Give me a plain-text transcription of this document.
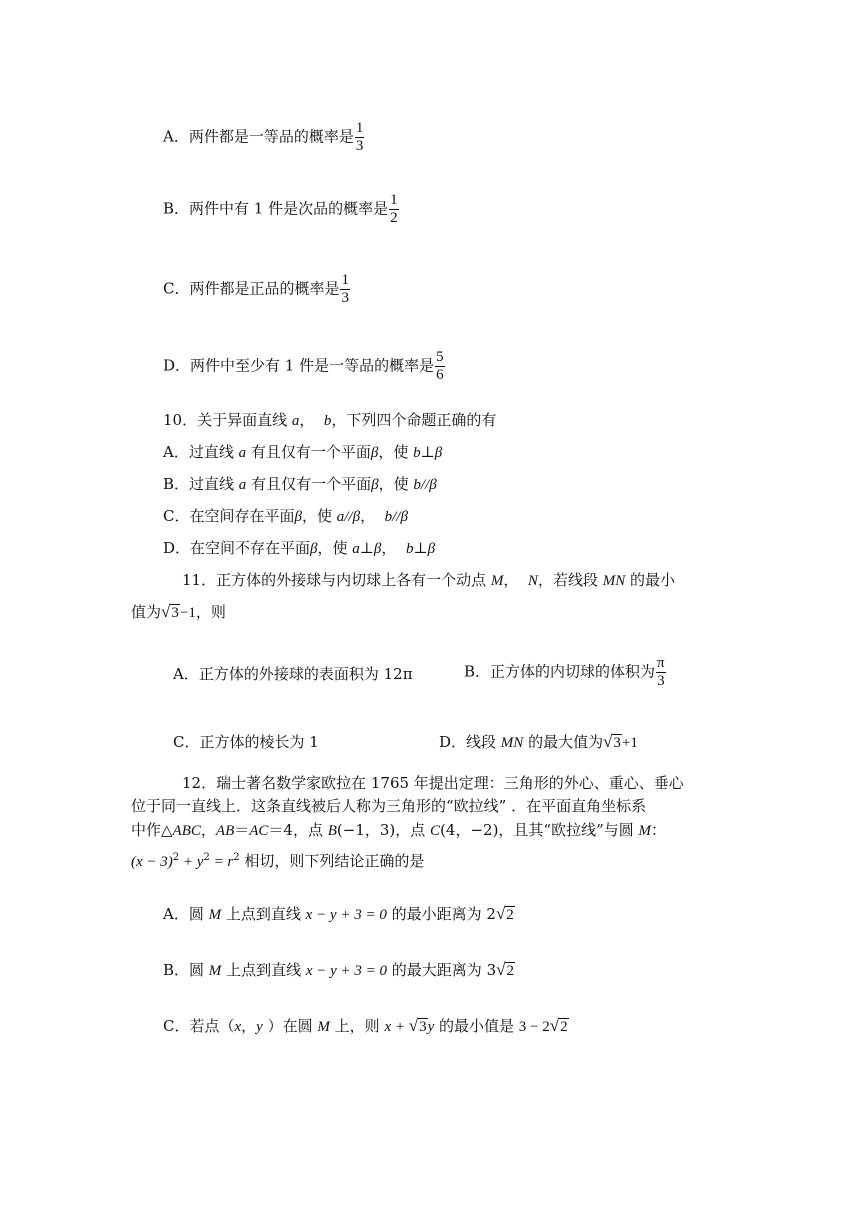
A．两件都是一等品的概率是 $\frac{1}{3}$
B．两件中有 1 件是次品的概率是 $\frac{1}{2}$
C．两件都是正品的概率是 $\frac{1}{3}$
D．两件中至少有 1 件是一等品的概率是 $\frac{5}{6}$
10．关于异面直线 a， b，下列四个命题正确的有
A．过直线 a 有且仅有一个平面β，使 b⊥β
B．过直线 a 有且仅有一个平面β，使 b//β
C．在空间存在平面β，使 a//β， b//β
D．在空间不存在平面β，使 a⊥β， b⊥β
11．正方体的外接球与内切球上各有一个动点 M， N，若线段 MN 的最小
值为√3−1，则
A．正方体的外接球的表面积为 12π	B．正方体的内切球的体积为 $\frac{\pi}{3}$
C．正方体的棱长为 1	D．线段 MN 的最大值为√3+1
12．瑞士著名数学家欧拉在 1765 年提出定理：三角形的外心、重心、垂心
位于同一直线上．这条直线被后人称为三角形的“欧拉线” ．在平面直角坐标系
中作△ABC，AB＝AC＝4，点 B(−1，3)，点 C(4，−2)，且其“欧拉线”与圆 M：
$(x - 3)^2 + y^2 = r^2$ 相切，则下列结论正确的是
A．圆 M 上点到直线 x − y + 3 = 0 的最小距离为 2√2
B．圆 M 上点到直线 x − y + 3 = 0 的最大距离为 3√2
C．若点（x，y ）在圆 M 上，则 x + √3y 的最小值是 3 − 2√2
